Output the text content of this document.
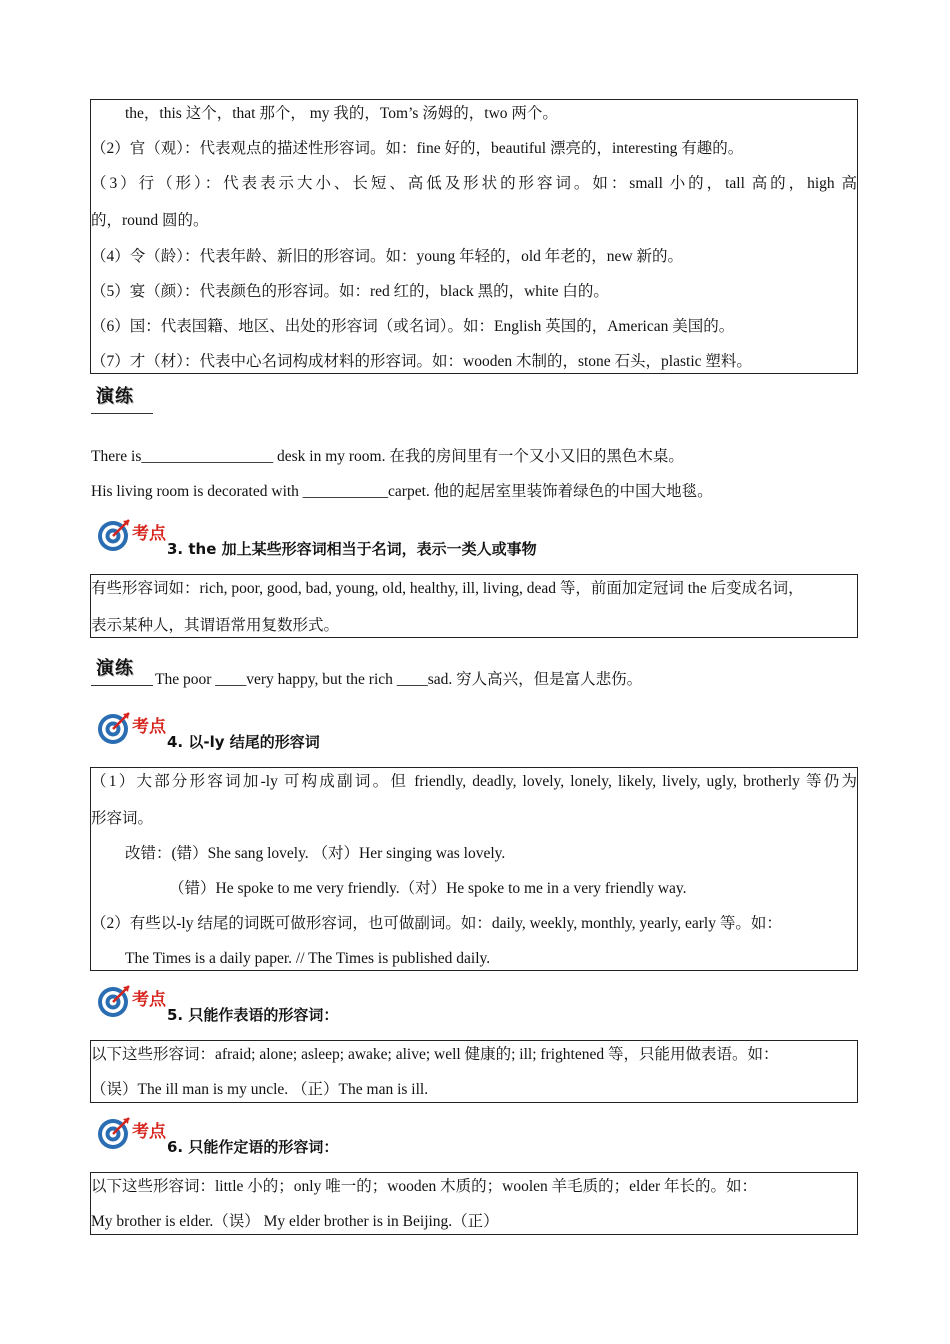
the，this 这个，that 那个， my 我的，Tom’s 汤姆的，two 两个。
（2）官（观）：代表观点的描述性形容词。如：fine 好的，beautiful 漂亮的，interesting 有趣的。
（3）行（形）：代表表示大小、长短、高低及形状的形容词。如：small 小的，tall 高的，high 高
的，round 圆的。
（4）令（龄）：代表年龄、新旧的形容词。如：young 年轻的，old 年老的，new 新的。
（5）宴（颜）：代表颜色的形容词。如：red 红的，black 黑的，white 白的。
（6）国：代表国籍、地区、出处的形容词（或名词）。如：English 英国的，American 美国的。
（7）才（材）：代表中心名词构成材料的形容词。如：wooden 木制的，stone 石头，plastic 塑料。
演练
There is_________________ desk in my room. 在我的房间里有一个又小又旧的黑色木桌。
His living room is decorated with ___________carpet. 他的起居室里装饰着绿色的中国大地毯。
考点
3. the 加上某些形容词相当于名词，表示一类人或事物
有些形容词如：rich, poor, good, bad, young, old, healthy, ill, living, dead 等，前面加定冠词 the 后变成名词，
表示某种人，其谓语常用复数形式。
演练
The poor ____very happy, but the rich ____sad. 穷人高兴，但是富人悲伤。
考点
4. 以-ly 结尾的形容词
（1）大部分形容词加-ly 可构成副词。但 friendly, deadly, lovely, lonely, likely, lively, ugly, brotherly 等仍为
形容词。
改错：(错）She sang lovely. （对）Her singing was lovely.
（错）He spoke to me very friendly.（对）He spoke to me in a very friendly way.
（2）有些以-ly 结尾的词既可做形容词，也可做副词。如：daily, weekly, monthly, yearly, early 等。如：
The Times is a daily paper. // The Times is published daily.
考点
5. 只能作表语的形容词：
以下这些形容词：afraid; alone; asleep; awake; alive; well 健康的; ill; frightened 等，只能用做表语。如：
（误）The ill man is my uncle. （正）The man is ill.
考点
6. 只能作定语的形容词：
以下这些形容词：little 小的；only 唯一的；wooden 木质的；woolen 羊毛质的；elder 年长的。如：
My brother is elder.（误） My elder brother is in Beijing.（正）
